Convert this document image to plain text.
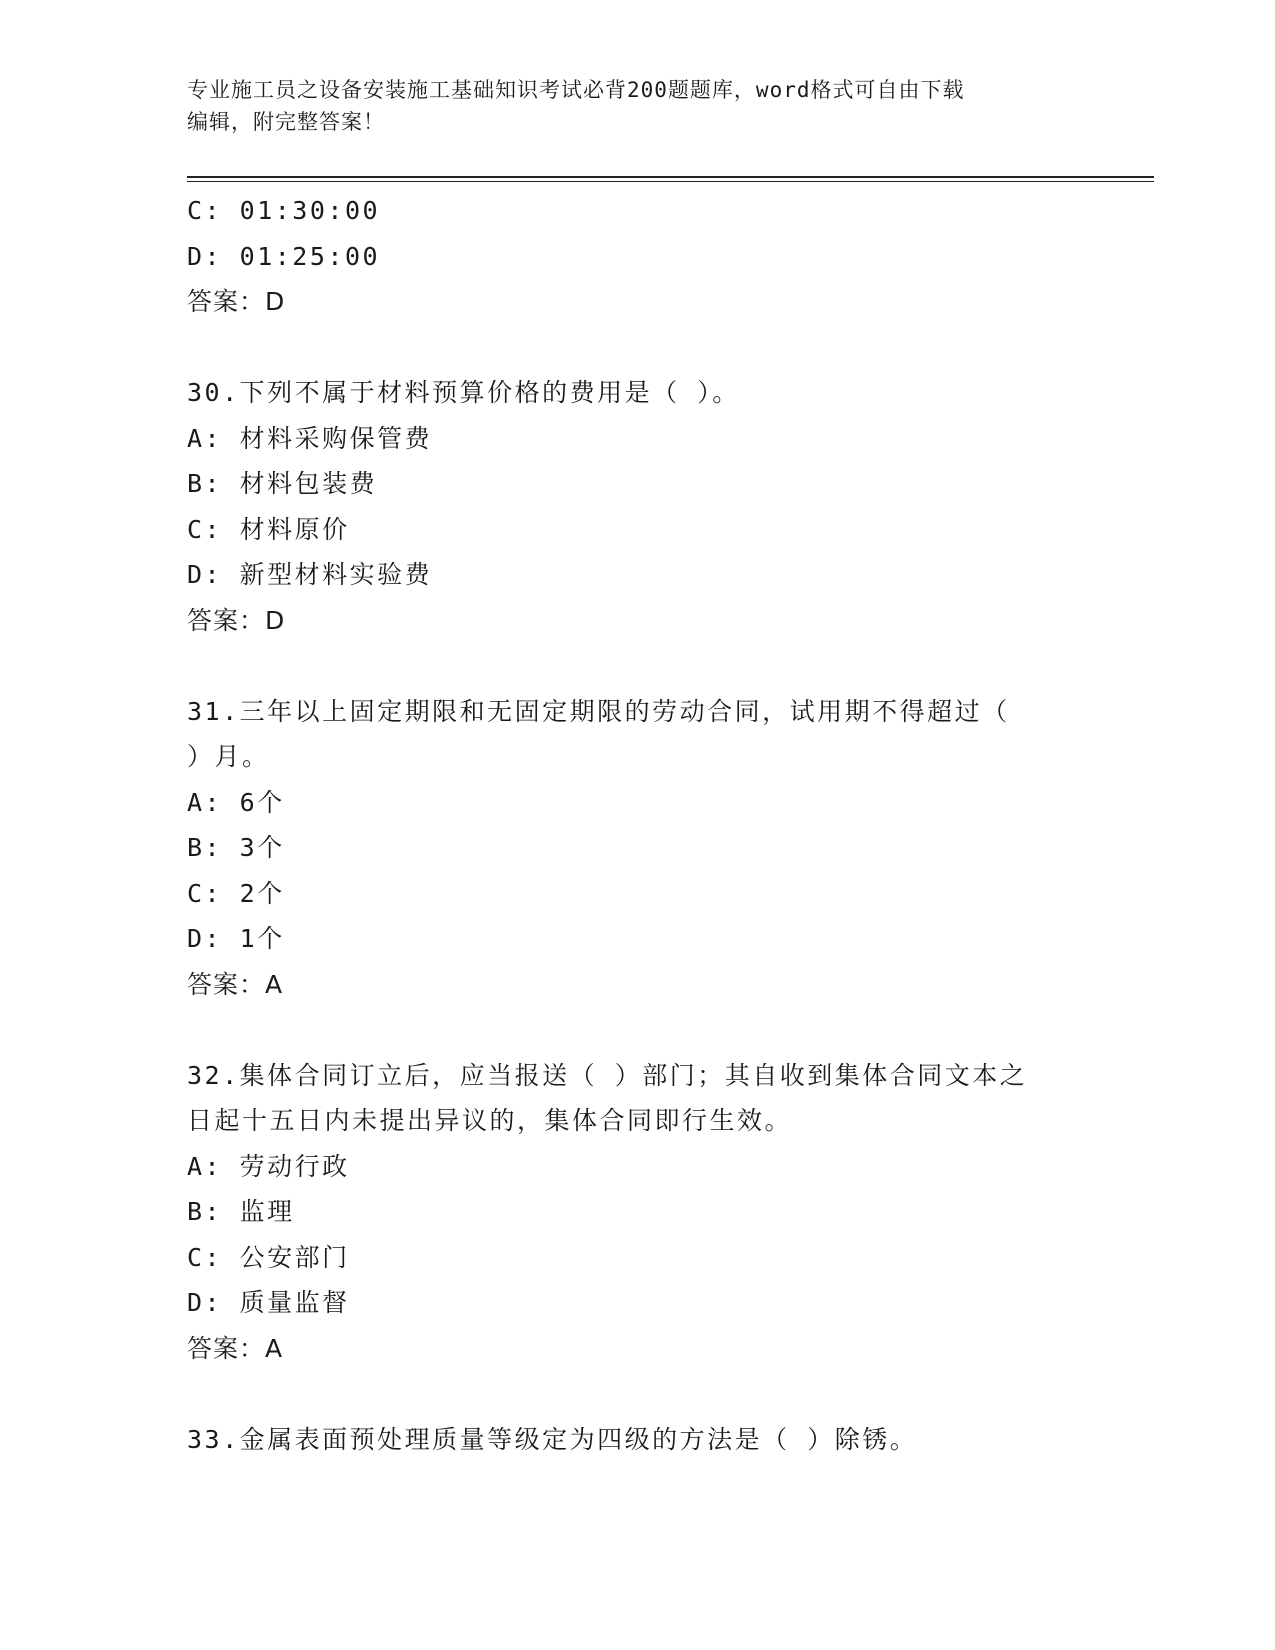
专业施工员之设备安装施工基础知识考试必背200题题库，word格式可自由下载
编辑，附完整答案！
C: 01:30:00
D: 01:25:00
答案：D
30.下列不属于材料预算价格的费用是（ ）。
A: 材料采购保管费
B: 材料包装费
C: 材料原价
D: 新型材料实验费
答案：D
31.三年以上固定期限和无固定期限的劳动合同，试用期不得超过（
）月。
A: 6个
B: 3个
C: 2个
D: 1个
答案：A
32.集体合同订立后，应当报送（ ）部门；其自收到集体合同文本之
日起十五日内未提出异议的，集体合同即行生效。
A: 劳动行政
B: 监理
C: 公安部门
D: 质量监督
答案：A
33.金属表面预处理质量等级定为四级的方法是（ ）除锈。
